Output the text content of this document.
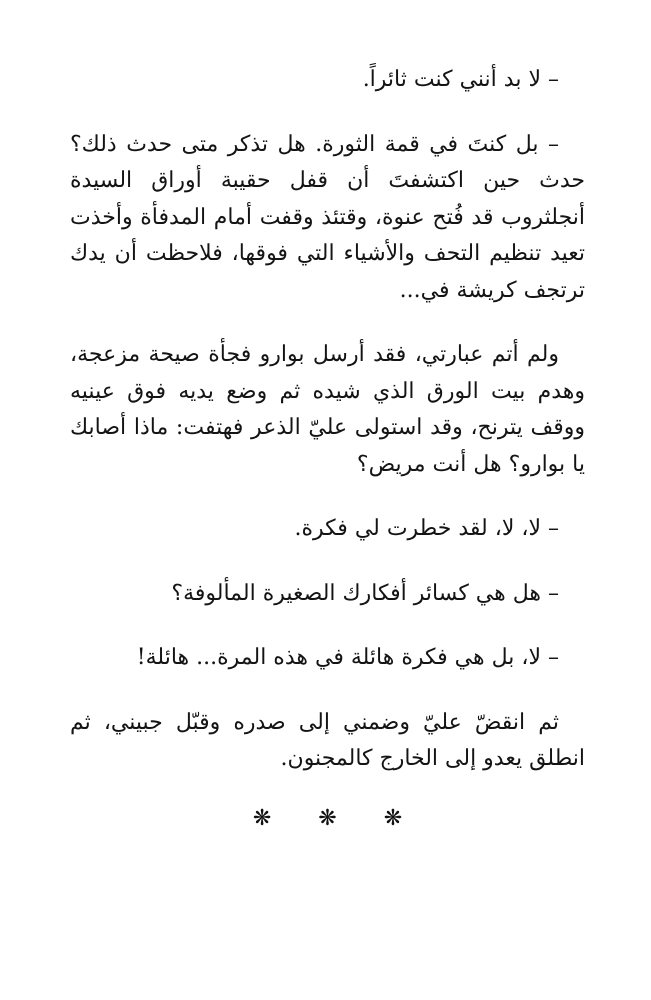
– لا بد أنني كنت ثائراً.

– بل كنتَ في قمة الثورة. هل تذكر متى حدث ذلك؟ حدث حين اكتشفتَ أن قفل حقيبة أوراق السيدة أنجلثروب قد فُتح عنوة، وقتئذ وقفت أمام المدفأة وأخذت تعيد تنظيم التحف والأشياء التي فوقها، فلاحظت أن يدك ترتجف كريشة في...

ولم أتم عبارتي، فقد أرسل بوارو فجأة صيحة مزعجة، وهدم بيت الورق الذي شيده ثم وضع يديه فوق عينيه ووقف يترنح، وقد استولى عليّ الذعر فهتفت: ماذا أصابك يا بوارو؟ هل أنت مريض؟

– لا، لا، لقد خطرت لي فكرة.

– هل هي كسائر أفكارك الصغيرة المألوفة؟

– لا، بل هي فكرة هائلة في هذه المرة... هائلة!

ثم انقضّ عليّ وضمني إلى صدره وقبّل جبيني، ثم انطلق يعدو إلى الخارج كالمجنون.

❋ ❋ ❋
